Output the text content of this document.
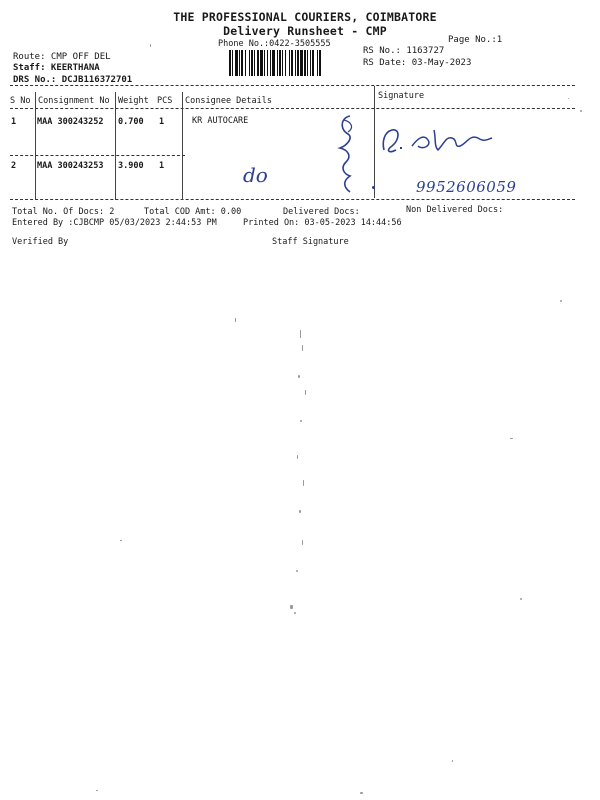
THE PROFESSIONAL COURIERS, COIMBATORE
Delivery Runsheet - CMP
Phone No.:0422-3505555	Page No.:1
Route: CMP OFF DEL
Staff: KEERTHANA
DRS No.: DCJB116372701
RS No.: 1163727
RS Date: 03-May-2023
S No Consignment No Weight PCS Consignee Details	Signature
1 MAA 300243252 0.700 1	KR AUTOCARE
2 MAA 300243253 3.900 1	do	9952606059
Total No. Of Docs: 2	Total COD Amt: 0.00	Delivered Docs:	Non Delivered Docs:
Entered By :CJBCMP 05/03/2023 2:44:53 PM	Printed On: 03-05-2023 14:44:56
Verified By	Staff Signature
